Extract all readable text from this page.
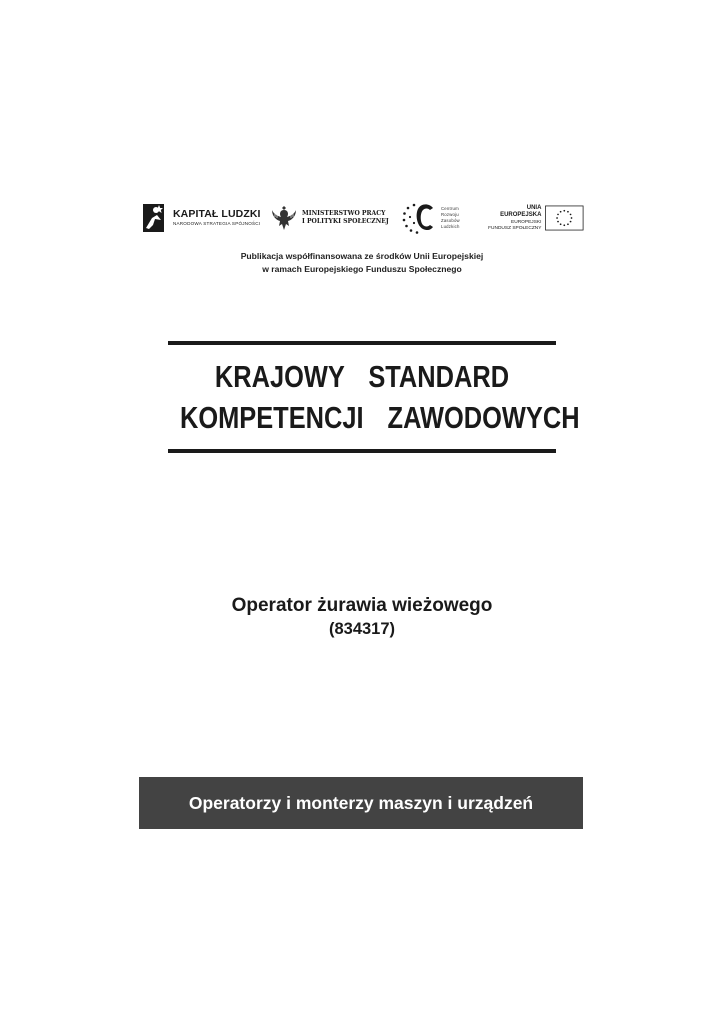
KAPITAŁ LUDZKI
NARODOWA STRATEGIA SPÓJNOŚCI
MINISTERSTWO PRACY
I POLITYKI SPOŁECZNEJ
Centrum
Rozwoju
Zasobów
Ludzkich
UNIA EUROPEJSKA
EUROPEJSKI
FUNDUSZ SPOŁECZNY
Publikacja współfinansowana ze środków Unii Europejskiej
w ramach Europejskiego Funduszu Społecznego
KRAJOWY  STANDARD
KOMPETENCJI  ZAWODOWYCH
Operator żurawia wieżowego
(834317)
Operatorzy i monterzy maszyn i urządzeń
